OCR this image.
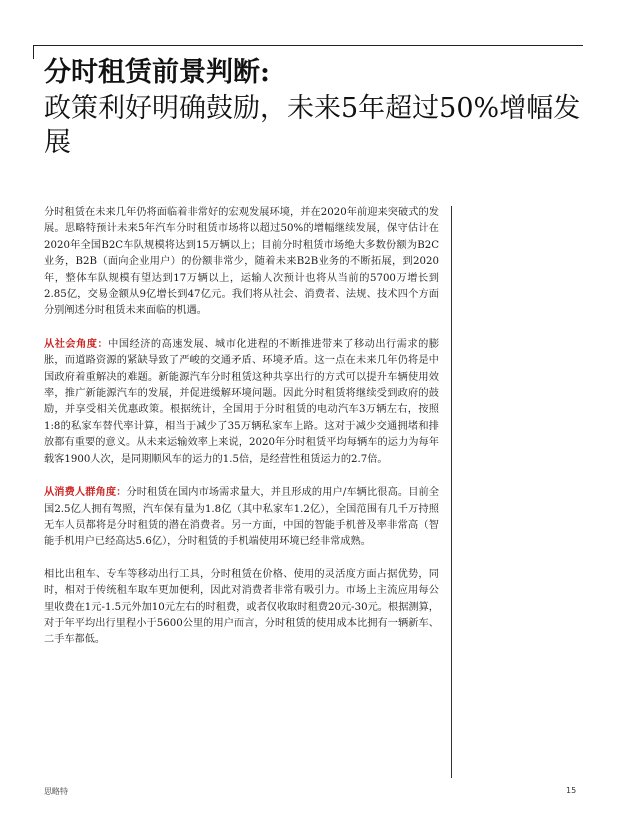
分时租赁前景判断:
政策利好明确鼓励，未来5年超过50%增幅发展

分时租赁在未来几年仍将面临着非常好的宏观发展环境，并在2020年前迎来突破式的发展。思略特预计未来5年汽车分时租赁市场将以超过50%的增幅继续发展，保守估计在2020年全国B2C车队规模将达到15万辆以上；目前分时租赁市场绝大多数份额为B2C业务，B2B（面向企业用户）的份额非常少，随着未来B2B业务的不断拓展，到2020年，整体车队规模有望达到17万辆以上，运输人次预计也将从当前的5700万增长到2.85亿，交易金额从9亿增长到47亿元。我们将从社会、消费者、法规、技术四个方面分别阐述分时租赁未来面临的机遇。

从社会角度：中国经济的高速发展、城市化进程的不断推进带来了移动出行需求的膨胀，而道路资源的紧缺导致了严峻的交通矛盾、环境矛盾。这一点在未来几年仍将是中国政府着重解决的难题。新能源汽车分时租赁这种共享出行的方式可以提升车辆使用效率，推广新能源汽车的发展，并促进缓解环境问题。因此分时租赁将继续受到政府的鼓励，并享受相关优惠政策。根据统计，全国用于分时租赁的电动汽车3万辆左右，按照1:8的私家车替代率计算，相当于减少了35万辆私家车上路。这对于减少交通拥堵和排放都有重要的意义。从未来运输效率上来说，2020年分时租赁平均每辆车的运力为每年载客1900人次，是同期顺风车的运力的1.5倍，是经营性租赁运力的2.7倍。

从消费人群角度：分时租赁在国内市场需求量大，并且形成的用户/车辆比很高。目前全国2.5亿人拥有驾照，汽车保有量为1.8亿（其中私家车1.2亿），全国范围有几千万持照无车人员都将是分时租赁的潜在消费者。另一方面，中国的智能手机普及率非常高（智能手机用户已经高达5.6亿），分时租赁的手机端使用环境已经非常成熟。

相比出租车、专车等移动出行工具，分时租赁在价格、使用的灵活度方面占据优势，同时，相对于传统租车取车更加便利，因此对消费者非常有吸引力。市场上主流应用每公里收费在1元-1.5元外加10元左右的时租费，或者仅收取时租费20元-30元。根据测算，对于年平均出行里程小于5600公里的用户而言，分时租赁的使用成本比拥有一辆新车、二手车都低。

思略特	15
